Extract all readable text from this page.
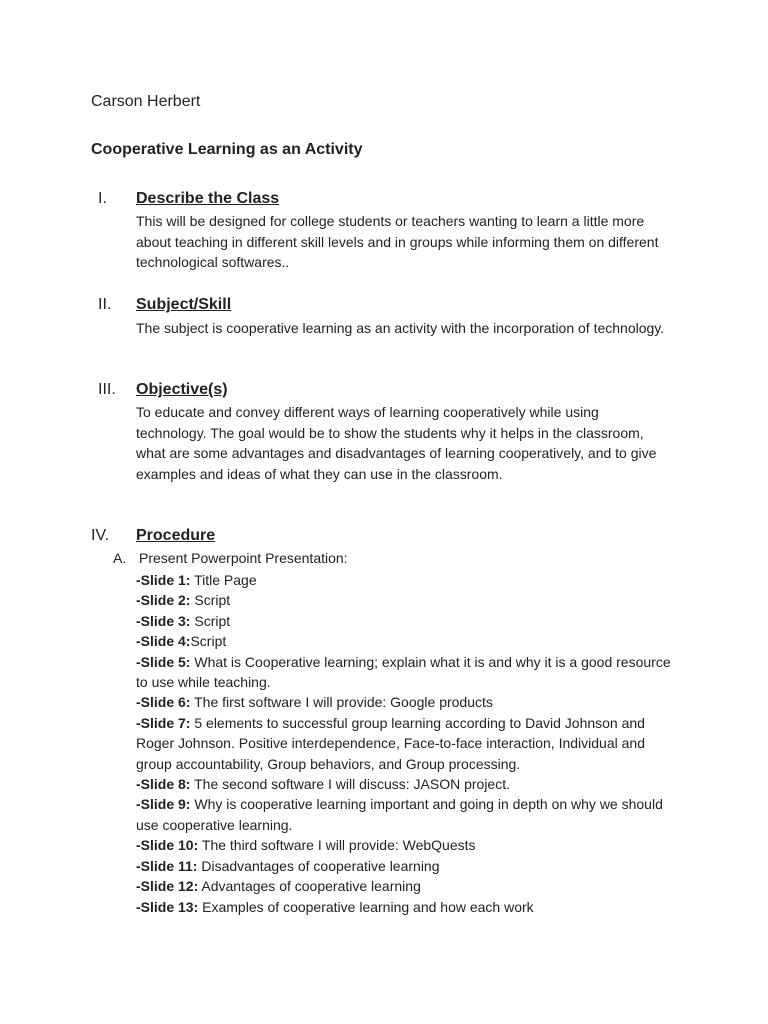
Carson Herbert
Cooperative Learning as an Activity
I. Describe the Class
This will be designed for college students or teachers wanting to learn a little more about teaching in different skill levels and in groups while informing them on different technological softwares..
II. Subject/Skill
The subject is cooperative learning as an activity with the incorporation of technology.
III. Objective(s)
To educate and convey different ways of learning cooperatively while using technology. The goal would be to show the students why it helps in the classroom, what are some advantages and disadvantages of learning cooperatively, and to give examples and ideas of what they can use in the classroom.
IV. Procedure
A. Present Powerpoint Presentation:

-Slide 1: Title Page

-Slide 2: Script

-Slide 3: Script

-Slide 4:Script

-Slide 5: What is Cooperative learning; explain what it is and why it is a good resource to use while teaching.

-Slide 6: The first software I will provide: Google products

-Slide 7: 5 elements to successful group learning according to David Johnson and Roger Johnson. Positive interdependence, Face-to-face interaction, Individual and group accountability, Group behaviors, and Group processing.

-Slide 8: The second software I will discuss: JASON project.

-Slide 9: Why is cooperative learning important and going in depth on why we should use cooperative learning.

-Slide 10: The third software I will provide: WebQuests

-Slide 11: Disadvantages of cooperative learning

-Slide 12: Advantages of cooperative learning

-Slide 13: Examples of cooperative learning and how each work
